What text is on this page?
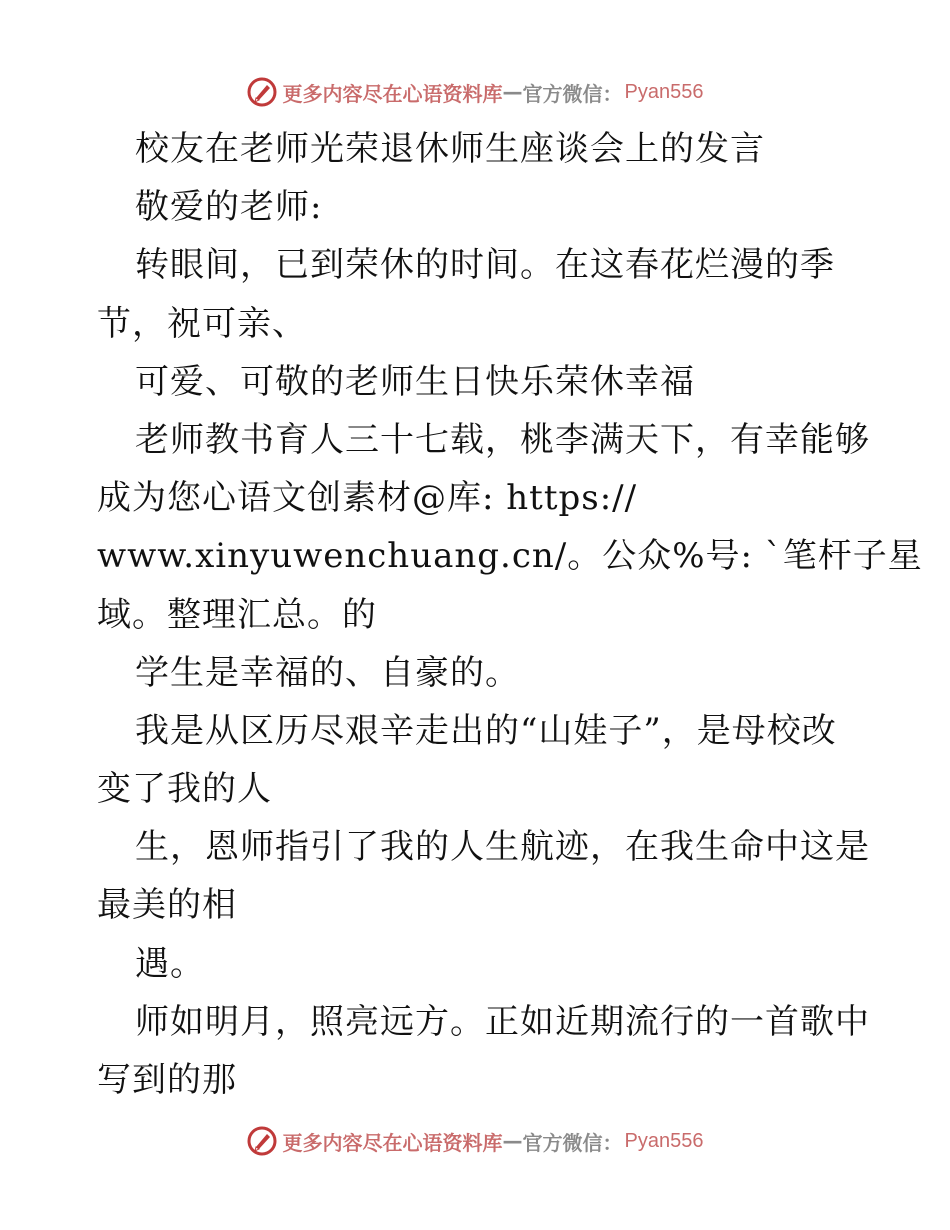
更多内容尽在心语资料库 — 官方微信： Pyan556
校友在老师光荣退休师生座谈会上的发言
敬爱的老师:
转眼间，已到荣休的时间。在这春花烂漫的季
节，祝可亲、
可爱、可敬的老师生日快乐荣休幸福
老师教书育人三十七载，桃李满天下，有幸能够
成为您心语文创素材@库: https://
www.xinyuwenchuang.cn/。公众%号: `笔杆子星
域。整理汇总。的
学生是幸福的、自豪的。
我是从区历尽艰辛走出的“山娃子”，是母校改
变了我的人
生，恩师指引了我的人生航迹，在我生命中这是
最美的相
遇。
师如明月，照亮远方。正如近期流行的一首歌中
写到的那
更多内容尽在心语资料库 — 官方微信： Pyan556
